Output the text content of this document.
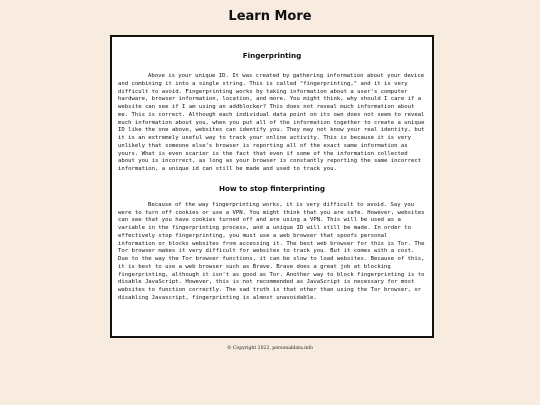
Learn More
Fingerprinting

Above is your unique ID. It was created by gathering information about your device and combining it into a single string. This is called "fingerprinting," and it is very difficult to avoid. Fingerprinting works by taking information about a user's computer hardware, browser information, location, and more. You might think, why should I care if a website can see if I am using an addblocker? This does not reveal much information about me. This is correct. Although each individual data point on its own does not seem to reveal much information about you, when you put all of the information together to create a unique ID like the one above, websites can identify you. They may not know your real identity, but it is an extremely useful way to track your online activity. This is because it is very unlikely that someone else's browser is reporting all of the exact same information as yours. What is even scarier is the fact that even if some of the information collected about you is incorrect, as long as your browser is constantly reporting the same incorrect information, a unique id can still be made and used to track you.

How to stop finterprinting

Because of the way fingerprinting works, it is very difficult to avoid. Say you were to turn off cookies or use a VPN. You might think that you are safe. However, websites can see that you have cookies turned off and are using a VPN. This will be used as a variable in the fingerprinting process, and a unique ID will still be made. In order to effectively stop fingerprinting, you must use a web browser that spoofs personal information or blocks websites from accessing it. The best web browser for this is Tor. The Tor browser makes it very difficult for websites to track you. But it comes with a cost. Due to the way the Tor browser functions, it can be slow to load websites. Because of this, it is best to use a web browser such as Brave. Brave does a great job at blocking fingerprinting, although it isn't as good as Tor. Another way to block fingerprinting is to disable JavaScript. However, this is not recommended as JavaScript is necessary for most websites to function correctly. The sad truth is that other than using the Tor browser, or disabling Javascript, fingerprinting is almost unavoidable.

© Copyright 2022, personaldata.info
